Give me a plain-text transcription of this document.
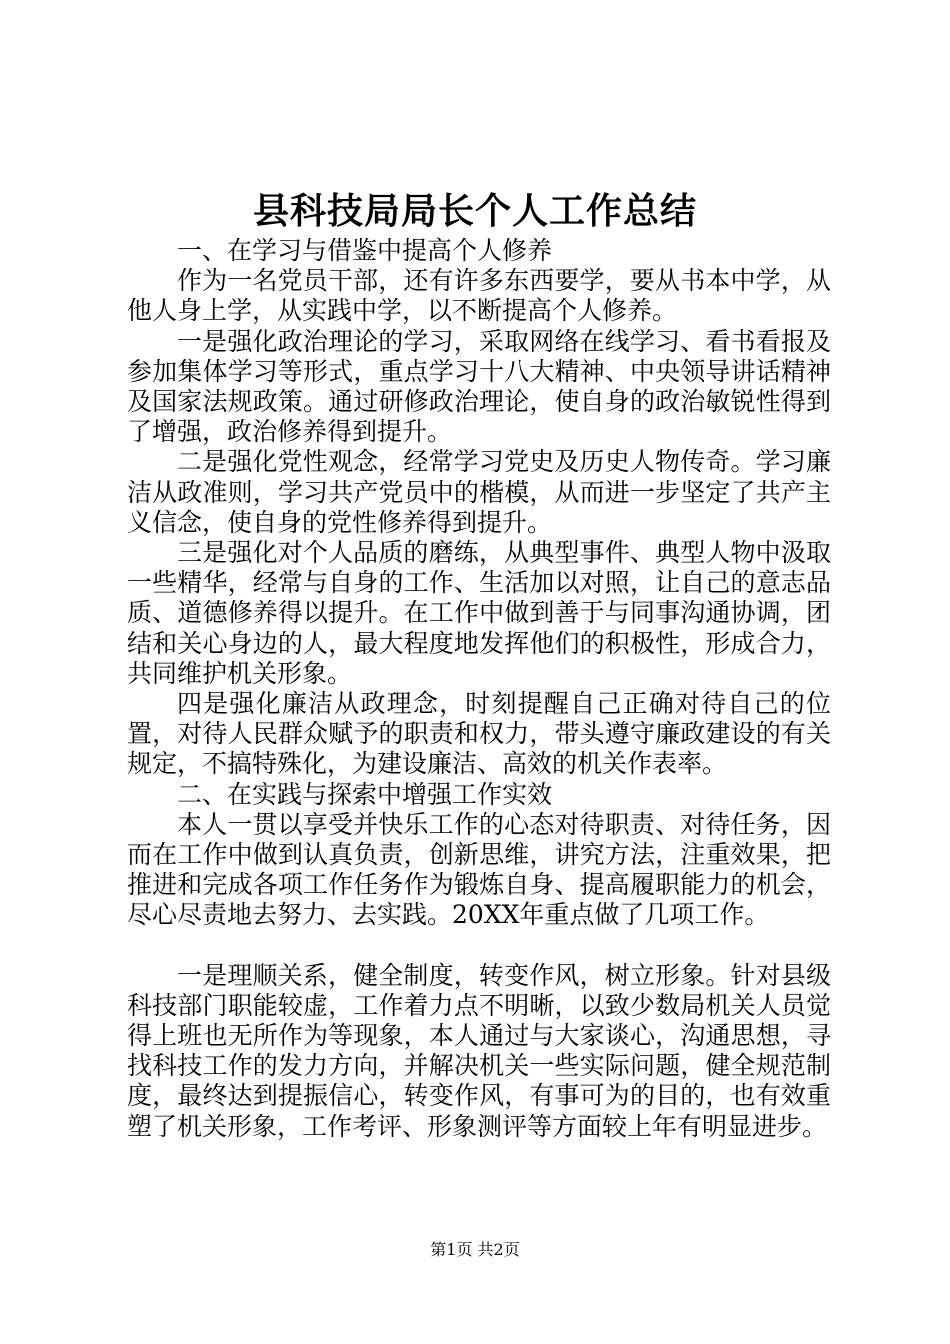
县科技局局长个人工作总结

一、在学习与借鉴中提高个人修养

作为一名党员干部，还有许多东西要学，要从书本中学，从他人身上学，从实践中学，以不断提高个人修养。

一是强化政治理论的学习，采取网络在线学习、看书看报及参加集体学习等形式，重点学习十八大精神、中央领导讲话精神及国家法规政策。通过研修政治理论，使自身的政治敏锐性得到了增强，政治修养得到提升。

二是强化党性观念，经常学习党史及历史人物传奇。学习廉洁从政准则，学习共产党员中的楷模，从而进一步坚定了共产主义信念，使自身的党性修养得到提升。

三是强化对个人品质的磨练，从典型事件、典型人物中汲取一些精华，经常与自身的工作、生活加以对照，让自己的意志品质、道德修养得以提升。在工作中做到善于与同事沟通协调，团结和关心身边的人，最大程度地发挥他们的积极性，形成合力，共同维护机关形象。

四是强化廉洁从政理念，时刻提醒自己正确对待自己的位置，对待人民群众赋予的职责和权力，带头遵守廉政建设的有关规定，不搞特殊化，为建设廉洁、高效的机关作表率。

二、在实践与探索中增强工作实效

本人一贯以享受并快乐工作的心态对待职责、对待任务，因而在工作中做到认真负责，创新思维，讲究方法，注重效果，把推进和完成各项工作任务作为锻炼自身、提高履职能力的机会，尽心尽责地去努力、去实践。20XX年重点做了几项工作。

一是理顺关系，健全制度，转变作风，树立形象。针对县级科技部门职能较虚，工作着力点不明晰，以致少数局机关人员觉得上班也无所作为等现象，本人通过与大家谈心，沟通思想，寻找科技工作的发力方向，并解决机关一些实际问题，健全规范制度，最终达到提振信心，转变作风，有事可为的目的，也有效重塑了机关形象，工作考评、形象测评等方面较上年有明显进步。

第1页 共2页
